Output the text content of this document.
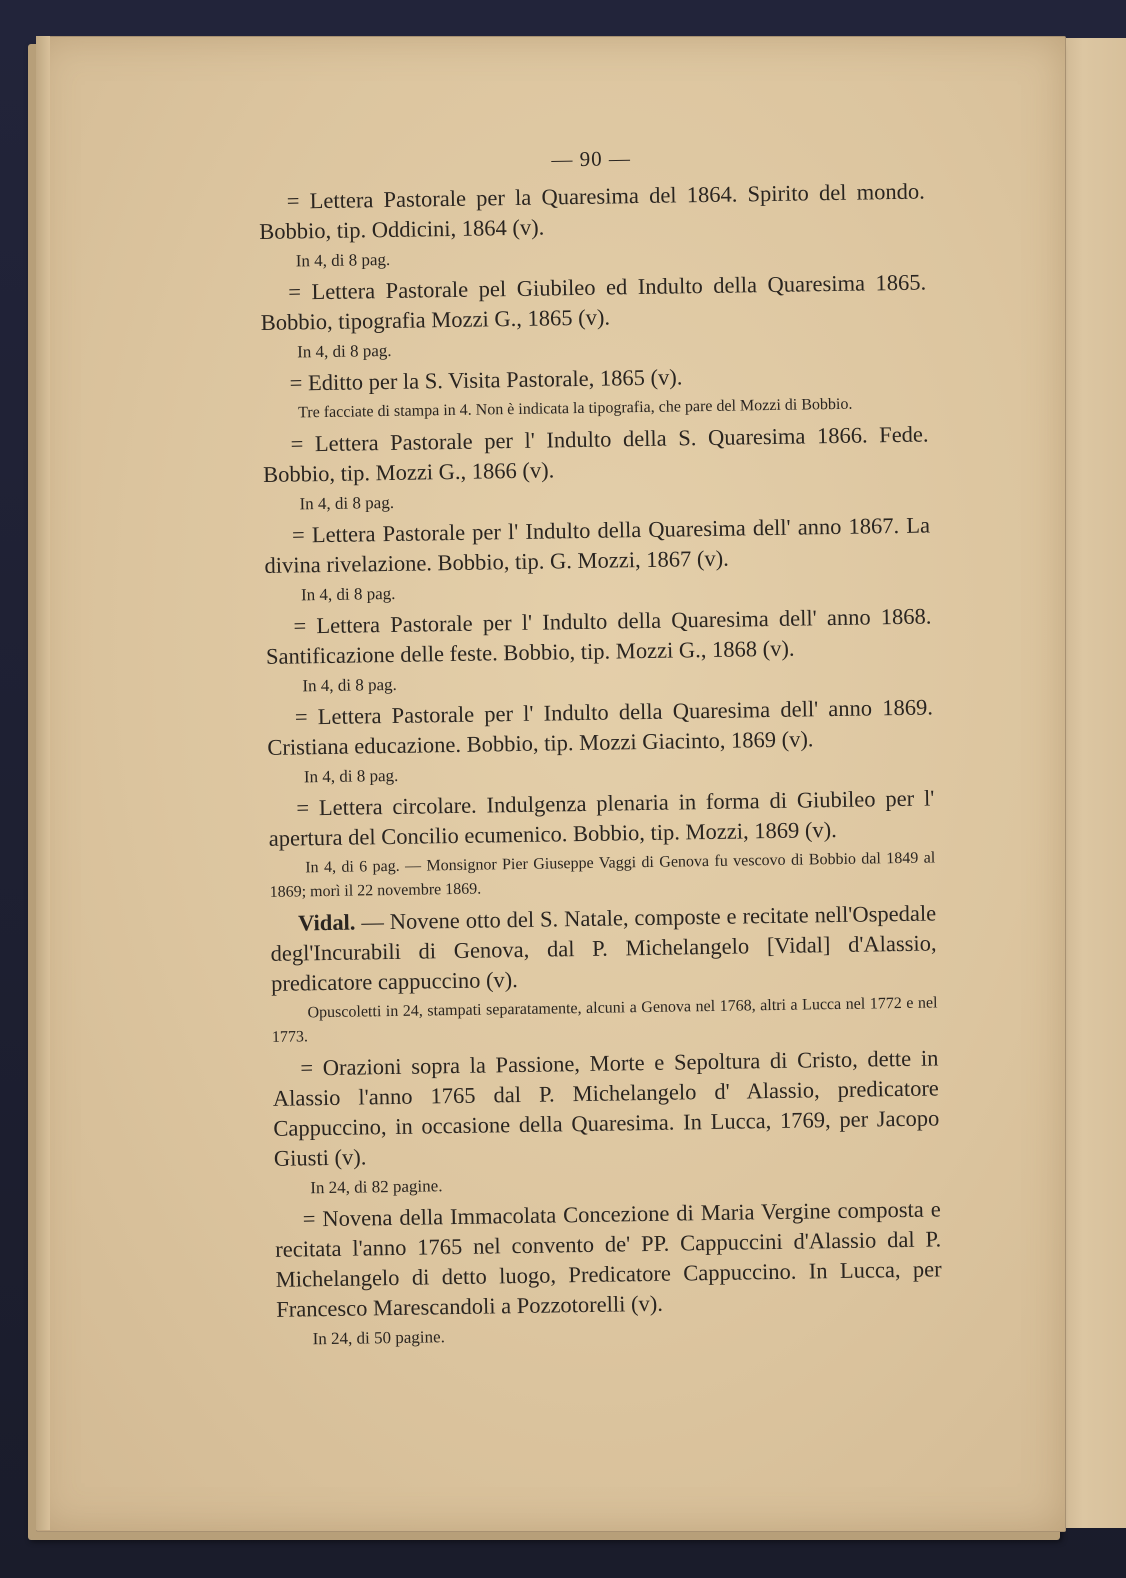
— 90 —

= Lettera Pastorale per la Quaresima del 1864. Spirito del mondo. Bobbio, tip. Oddicini, 1864 (v).

In 4, di 8 pag.

= Lettera Pastorale pel Giubileo ed Indulto della Quaresima 1865. Bobbio, tipografia Mozzi G., 1865 (v).

In 4, di 8 pag.

= Editto per la S. Visita Pastorale, 1865 (v).

Tre facciate di stampa in 4. Non è indicata la tipografia, che pare del Mozzi di Bobbio.

= Lettera Pastorale per l' Indulto della S. Quaresima 1866. Fede. Bobbio, tip. Mozzi G., 1866 (v).

In 4, di 8 pag.

= Lettera Pastorale per l' Indulto della Quaresima dell' anno 1867. La divina rivelazione. Bobbio, tip. G. Mozzi, 1867 (v).

In 4, di 8 pag.

= Lettera Pastorale per l' Indulto della Quaresima dell' anno 1868. Santificazione delle feste. Bobbio, tip. Mozzi G., 1868 (v).

In 4, di 8 pag.

= Lettera Pastorale per l' Indulto della Quaresima dell' anno 1869. Cristiana educazione. Bobbio, tip. Mozzi Giacinto, 1869 (v).

In 4, di 8 pag.

= Lettera circolare. Indulgenza plenaria in forma di Giubileo per l' apertura del Concilio ecumenico. Bobbio, tip. Mozzi, 1869 (v).

In 4, di 6 pag. — Monsignor Pier Giuseppe Vaggi di Genova fu vescovo di Bobbio dal 1849 al 1869; morì il 22 novembre 1869.

Vidal. — Novene otto del S. Natale, composte e recitate nell'Ospedale degl'Incurabili di Genova, dal P. Michelangelo [Vidal] d'Alassio, predicatore cappuccino (v).

Opuscoletti in 24, stampati separatamente, alcuni a Genova nel 1768, altri a Lucca nel 1772 e nel 1773.

= Orazioni sopra la Passione, Morte e Sepoltura di Cristo, dette in Alassio l'anno 1765 dal P. Michelangelo d' Alassio, predicatore Cappuccino, in occasione della Quaresima. In Lucca, 1769, per Jacopo Giusti (v).

In 24, di 82 pagine.

= Novena della Immacolata Concezione di Maria Vergine composta e recitata l'anno 1765 nel convento de' PP. Cappuccini d'Alassio dal P. Michelangelo di detto luogo, Predicatore Cappuccino. In Lucca, per Francesco Marescandoli a Pozzotorelli (v).

In 24, di 50 pagine.
